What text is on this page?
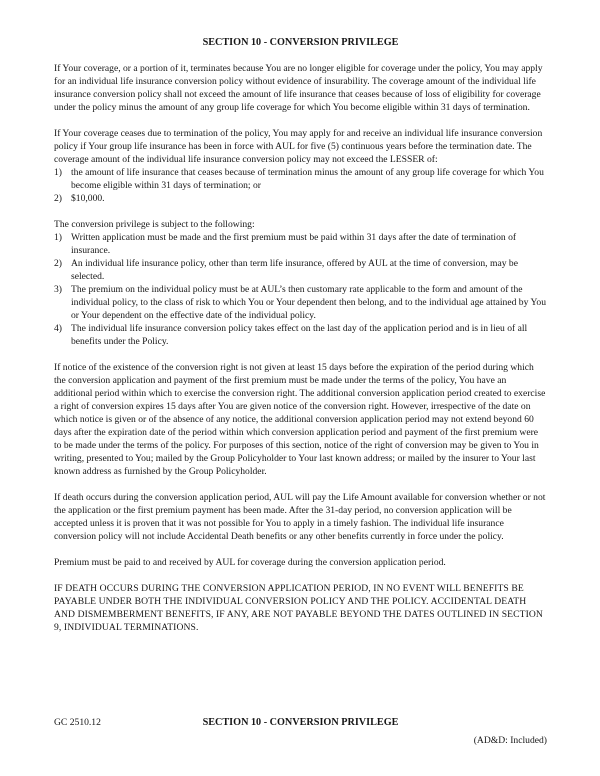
SECTION 10 - CONVERSION PRIVILEGE

If Your coverage, or a portion of it, terminates because You are no longer eligible for coverage under the policy, You may apply for an individual life insurance conversion policy without evidence of insurability. The coverage amount of the individual life insurance conversion policy shall not exceed the amount of life insurance that ceases because of loss of eligibility for coverage under the policy minus the amount of any group life coverage for which You become eligible within 31 days of termination.

If Your coverage ceases due to termination of the policy, You may apply for and receive an individual life insurance conversion policy if Your group life insurance has been in force with AUL for five (5) continuous years before the termination date. The coverage amount of the individual life insurance conversion policy may not exceed the LESSER of:

1) the amount of life insurance that ceases because of termination minus the amount of any group life coverage for which You become eligible within 31 days of termination; or
2) $10,000.

The conversion privilege is subject to the following:

1) Written application must be made and the first premium must be paid within 31 days after the date of termination of insurance.
2) An individual life insurance policy, other than term life insurance, offered by AUL at the time of conversion, may be selected.
3) The premium on the individual policy must be at AUL’s then customary rate applicable to the form and amount of the individual policy, to the class of risk to which You or Your dependent then belong, and to the individual age attained by You or Your dependent on the effective date of the individual policy.
4) The individual life insurance conversion policy takes effect on the last day of the application period and is in lieu of all benefits under the Policy.

If notice of the existence of the conversion right is not given at least 15 days before the expiration of the period during which the conversion application and payment of the first premium must be made under the terms of the policy, You have an additional period within which to exercise the conversion right. The additional conversion application period created to exercise a right of conversion expires 15 days after You are given notice of the conversion right. However, irrespective of the date on which notice is given or of the absence of any notice, the additional conversion application period may not extend beyond 60 days after the expiration date of the period within which conversion application period and payment of the first premium were to be made under the terms of the policy. For purposes of this section, notice of the right of conversion may be given to You in writing, presented to You; mailed by the Group Policyholder to Your last known address; or mailed by the insurer to Your last known address as furnished by the Group Policyholder.

If death occurs during the conversion application period, AUL will pay the Life Amount available for conversion whether or not the application or the first premium payment has been made. After the 31-day period, no conversion application will be accepted unless it is proven that it was not possible for You to apply in a timely fashion. The individual life insurance conversion policy will not include Accidental Death benefits or any other benefits currently in force under the policy.

Premium must be paid to and received by AUL for coverage during the conversion application period.

IF DEATH OCCURS DURING THE CONVERSION APPLICATION PERIOD, IN NO EVENT WILL BENEFITS BE PAYABLE UNDER BOTH THE INDIVIDUAL CONVERSION POLICY AND THE POLICY. ACCIDENTAL DEATH AND DISMEMBERMENT BENEFITS, IF ANY, ARE NOT PAYABLE BEYOND THE DATES OUTLINED IN SECTION 9, INDIVIDUAL TERMINATIONS.

GC 2510.12	SECTION 10 - CONVERSION PRIVILEGE
(AD&D: Included)
